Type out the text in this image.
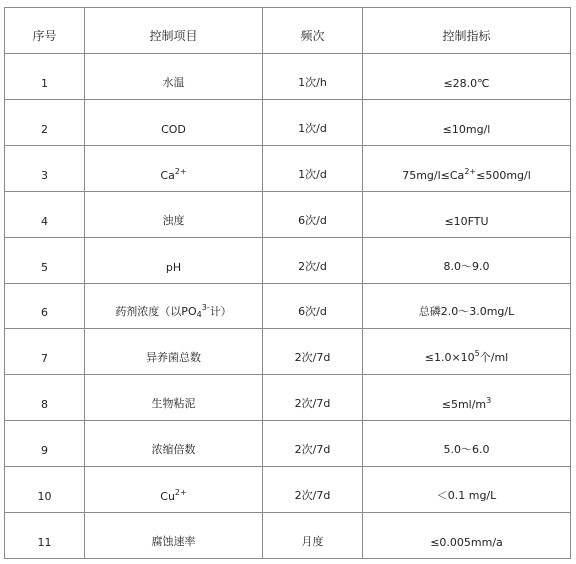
序号	控制项目	频次	控制指标
1	水温	1次/h	≤28.0℃
2	COD	1次/d	≤10mg/l
3	$Ca^{2+}$	1次/d	$75mg/l\le Ca^{2+}\le 500mg/l$
4	浊度	6次/d	≤10FTU
5	pH	2次/d	8.0～9.0
6	药剂浓度（以$PO_4^{3-}$计）	6次/d	总磷2.0～3.0mg/L
7	异养菌总数	2次/7d	$\le 1.0\times 10^5$个/ml
8	生物粘泥	2次/7d	$\le 5ml/m^3$
9	浓缩倍数	2次/7d	5.0～6.0
10	$Cu^{2+}$	2次/7d	＜0.1 mg/L
11	腐蚀速率	月度	≤0.005mm/a
